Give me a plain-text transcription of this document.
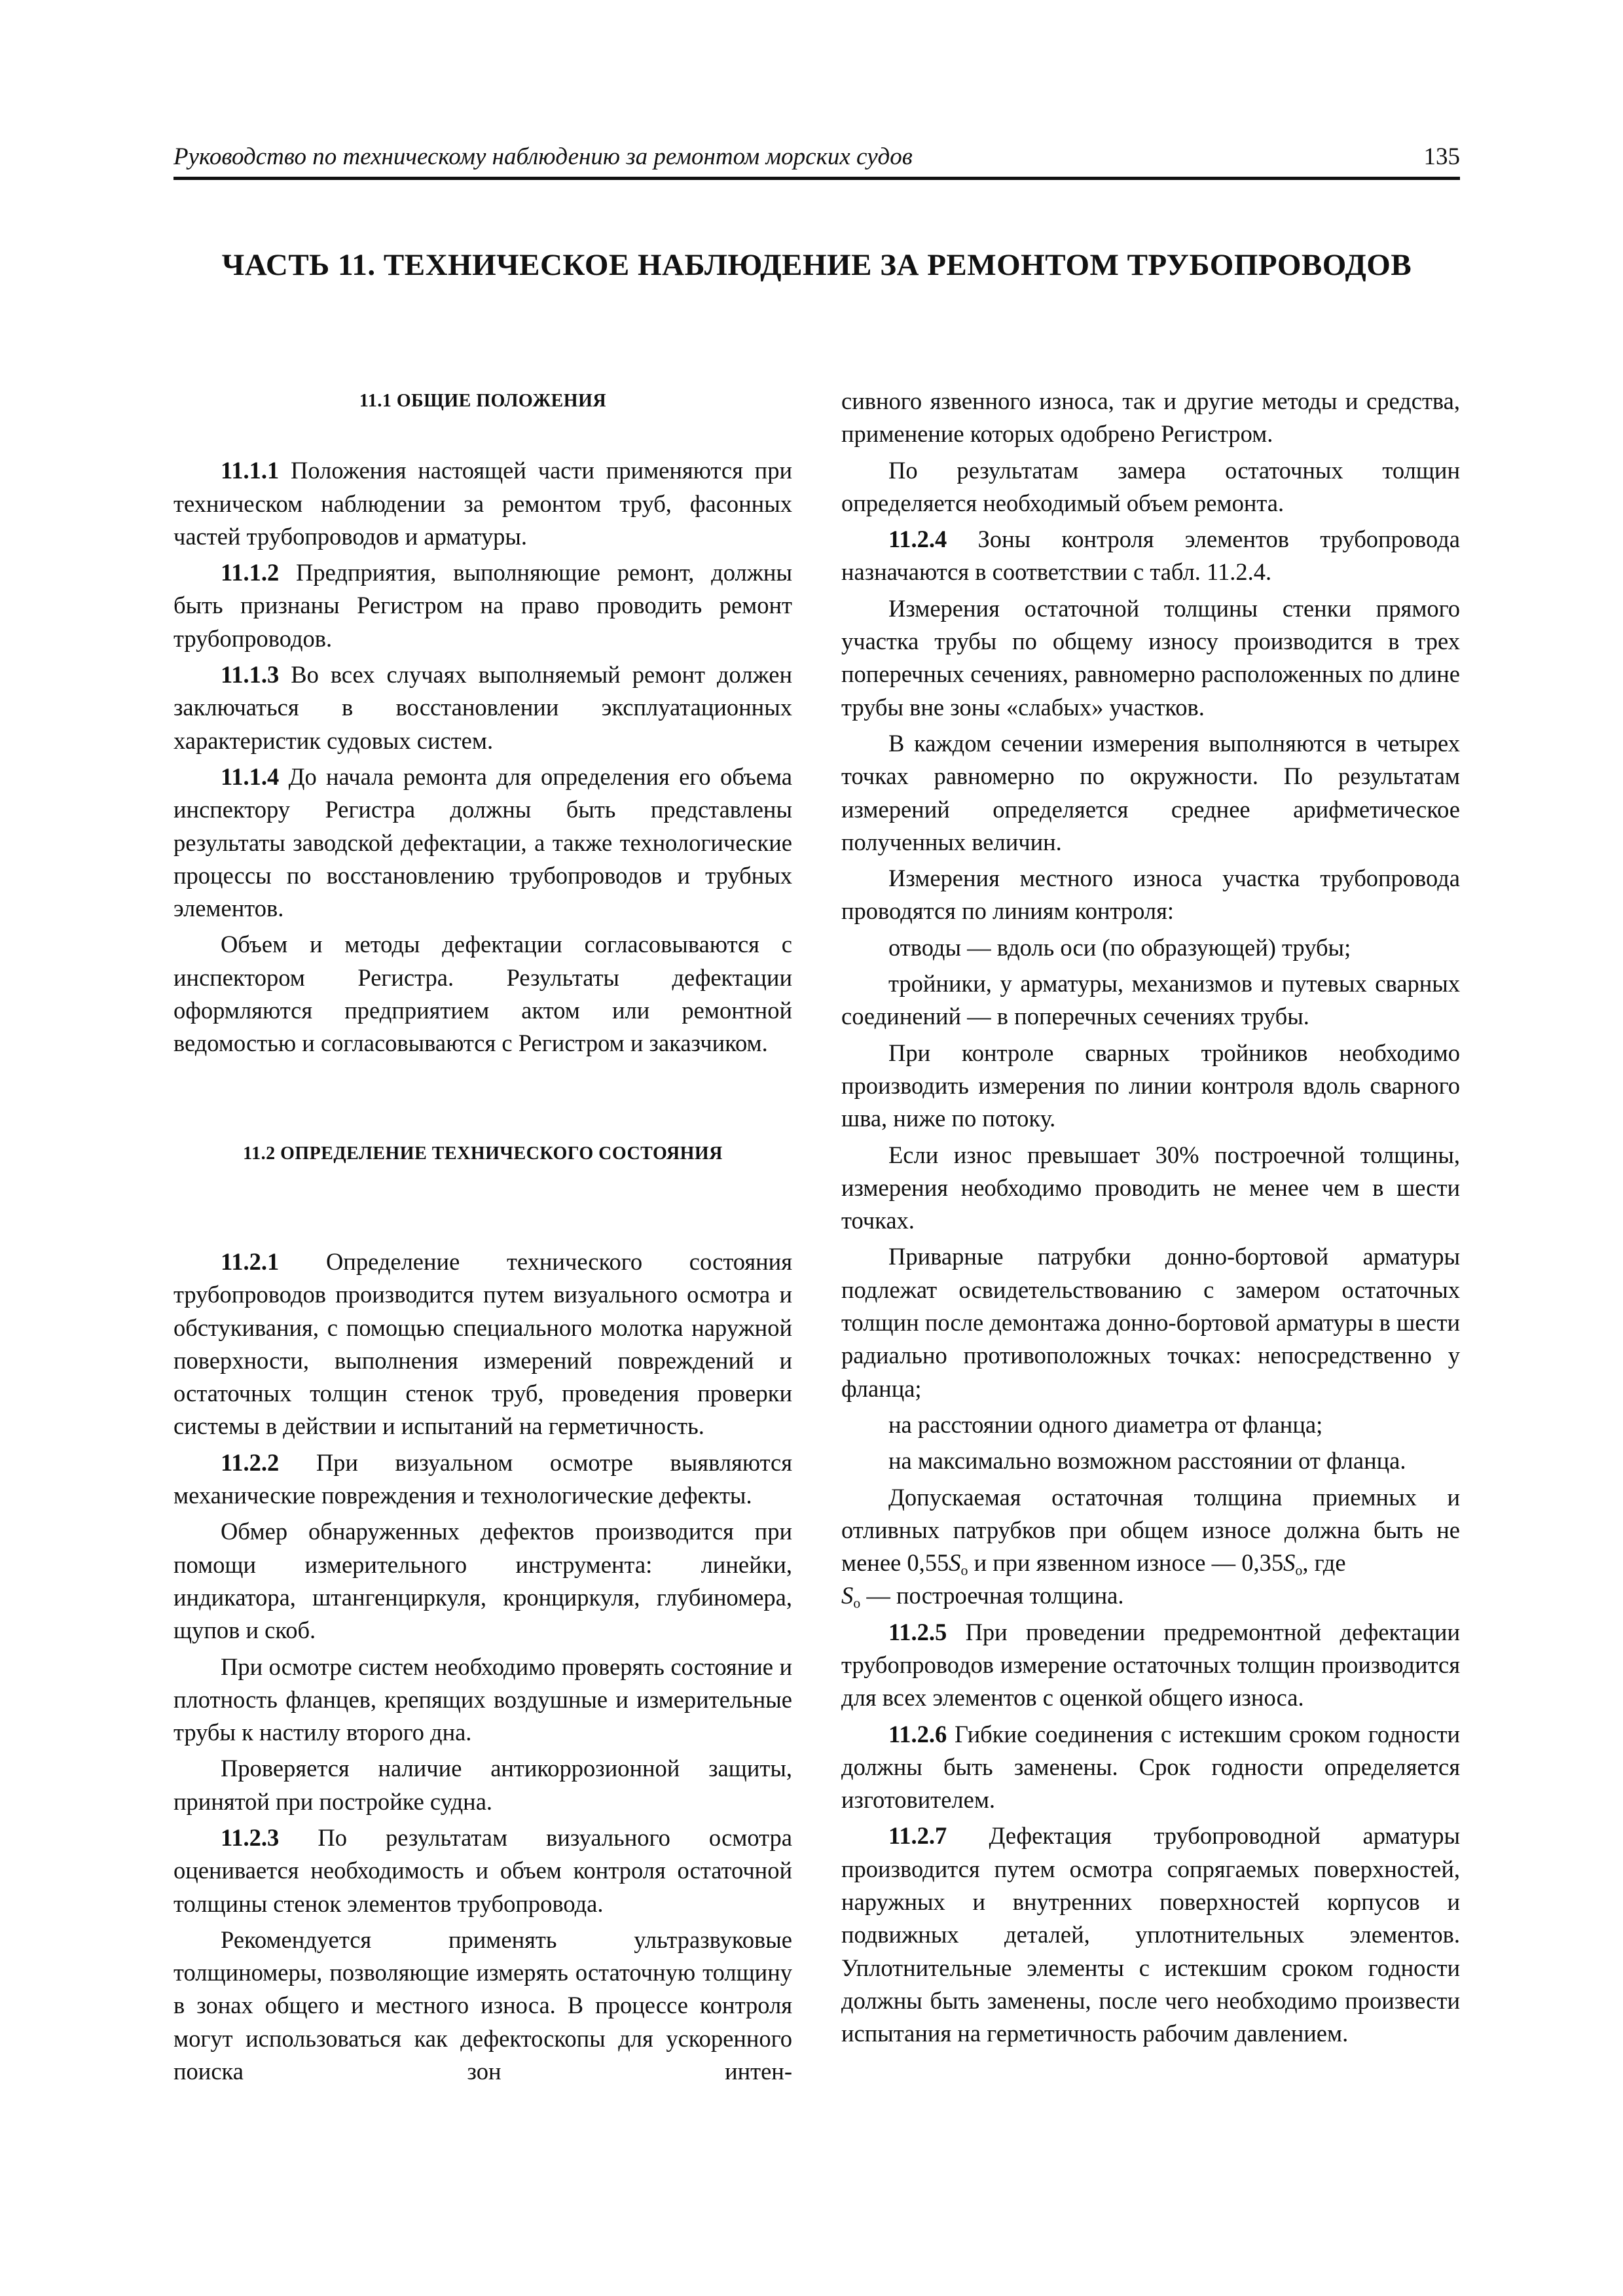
Руководство по техническому наблюдению за ремонтом морских судов	135
ЧАСТЬ 11. ТЕХНИЧЕСКОЕ НАБЛЮДЕНИЕ ЗА РЕМОНТОМ ТРУБОПРОВОДОВ
11.1 ОБЩИЕ ПОЛОЖЕНИЯ

11.1.1 Положения настоящей части применяются при техническом наблюдении за ремонтом труб, фасонных частей трубопроводов и арматуры.

11.1.2 Предприятия, выполняющие ремонт, должны быть признаны Регистром на право проводить ремонт трубопроводов.

11.1.3 Во всех случаях выполняемый ремонт должен заключаться в восстановлении эксплуатационных характеристик судовых систем.

11.1.4 До начала ремонта для определения его объема инспектору Регистра должны быть представлены результаты заводской дефектации, а также технологические процессы по восстановлению трубопроводов и трубных элементов.

Объем и методы дефектации согласовываются с инспектором Регистра. Результаты дефектации оформляются предприятием актом или ремонтной ведомостью и согласовываются с Регистром и заказчиком.

11.2 ОПРЕДЕЛЕНИЕ ТЕХНИЧЕСКОГО СОСТОЯНИЯ

11.2.1 Определение технического состояния трубопроводов производится путем визуального осмотра и обстукивания, с помощью специального молотка наружной поверхности, выполнения измерений повреждений и остаточных толщин стенок труб, проведения проверки системы в действии и испытаний на герметичность.

11.2.2 При визуальном осмотре выявляются механические повреждения и технологические дефекты.

Обмер обнаруженных дефектов производится при помощи измерительного инструмента: линейки, индикатора, штангенциркуля, кронциркуля, глубиномера, щупов и скоб.

При осмотре систем необходимо проверять состояние и плотность фланцев, крепящих воздушные и измерительные трубы к настилу второго дна.

Проверяется наличие антикоррозионной защиты, принятой при постройке судна.

11.2.3 По результатам визуального осмотра оценивается необходимость и объем контроля остаточной толщины стенок элементов трубопровода.

Рекомендуется применять ультразвуковые толщиномеры, позволяющие измерять остаточную толщину в зонах общего и местного износа. В процессе контроля могут использоваться как дефектоскопы для ускоренного поиска зон интен-

сивного язвенного износа, так и другие методы и средства, применение которых одобрено Регистром.

По результатам замера остаточных толщин определяется необходимый объем ремонта.

11.2.4 Зоны контроля элементов трубопровода назначаются в соответствии с табл. 11.2.4.

Измерения остаточной толщины стенки прямого участка трубы по общему износу производится в трех поперечных сечениях, равномерно расположенных по длине трубы вне зоны «слабых» участков.

В каждом сечении измерения выполняются в четырех точках равномерно по окружности. По результатам измерений определяется среднее арифметическое полученных величин.

Измерения местного износа участка трубопровода проводятся по линиям контроля:

отводы — вдоль оси (по образующей) трубы;

тройники, у арматуры, механизмов и путевых сварных соединений — в поперечных сечениях трубы.

При контроле сварных тройников необходимо производить измерения по линии контроля вдоль сварного шва, ниже по потоку.

Если износ превышает 30% построечной толщины, измерения необходимо проводить не менее чем в шести точках.

Приварные патрубки донно-бортовой арматуры подлежат освидетельствованию с замером остаточных толщин после демонтажа донно-бортовой арматуры в шести радиально противоположных точках: непосредственно у фланца;

на расстоянии одного диаметра от фланца;

на максимально возможном расстоянии от фланца.

Допускаемая остаточная толщина приемных и отливных патрубков при общем износе должна быть не менее $0,55S_о$ и при язвенном износе — $0,35S_о$, где
$S_о$ — построечная толщина.

11.2.5 При проведении предремонтной дефектации трубопроводов измерение остаточных толщин производится для всех элементов с оценкой общего износа.

11.2.6 Гибкие соединения с истекшим сроком годности должны быть заменены. Срок годности определяется изготовителем.

11.2.7 Дефектация трубопроводной арматуры производится путем осмотра сопрягаемых поверхностей, наружных и внутренних поверхностей корпусов и подвижных деталей, уплотнительных элементов. Уплотнительные элементы с истекшим сроком годности должны быть заменены, после чего необходимо произвести испытания на герметичность рабочим давлением.
